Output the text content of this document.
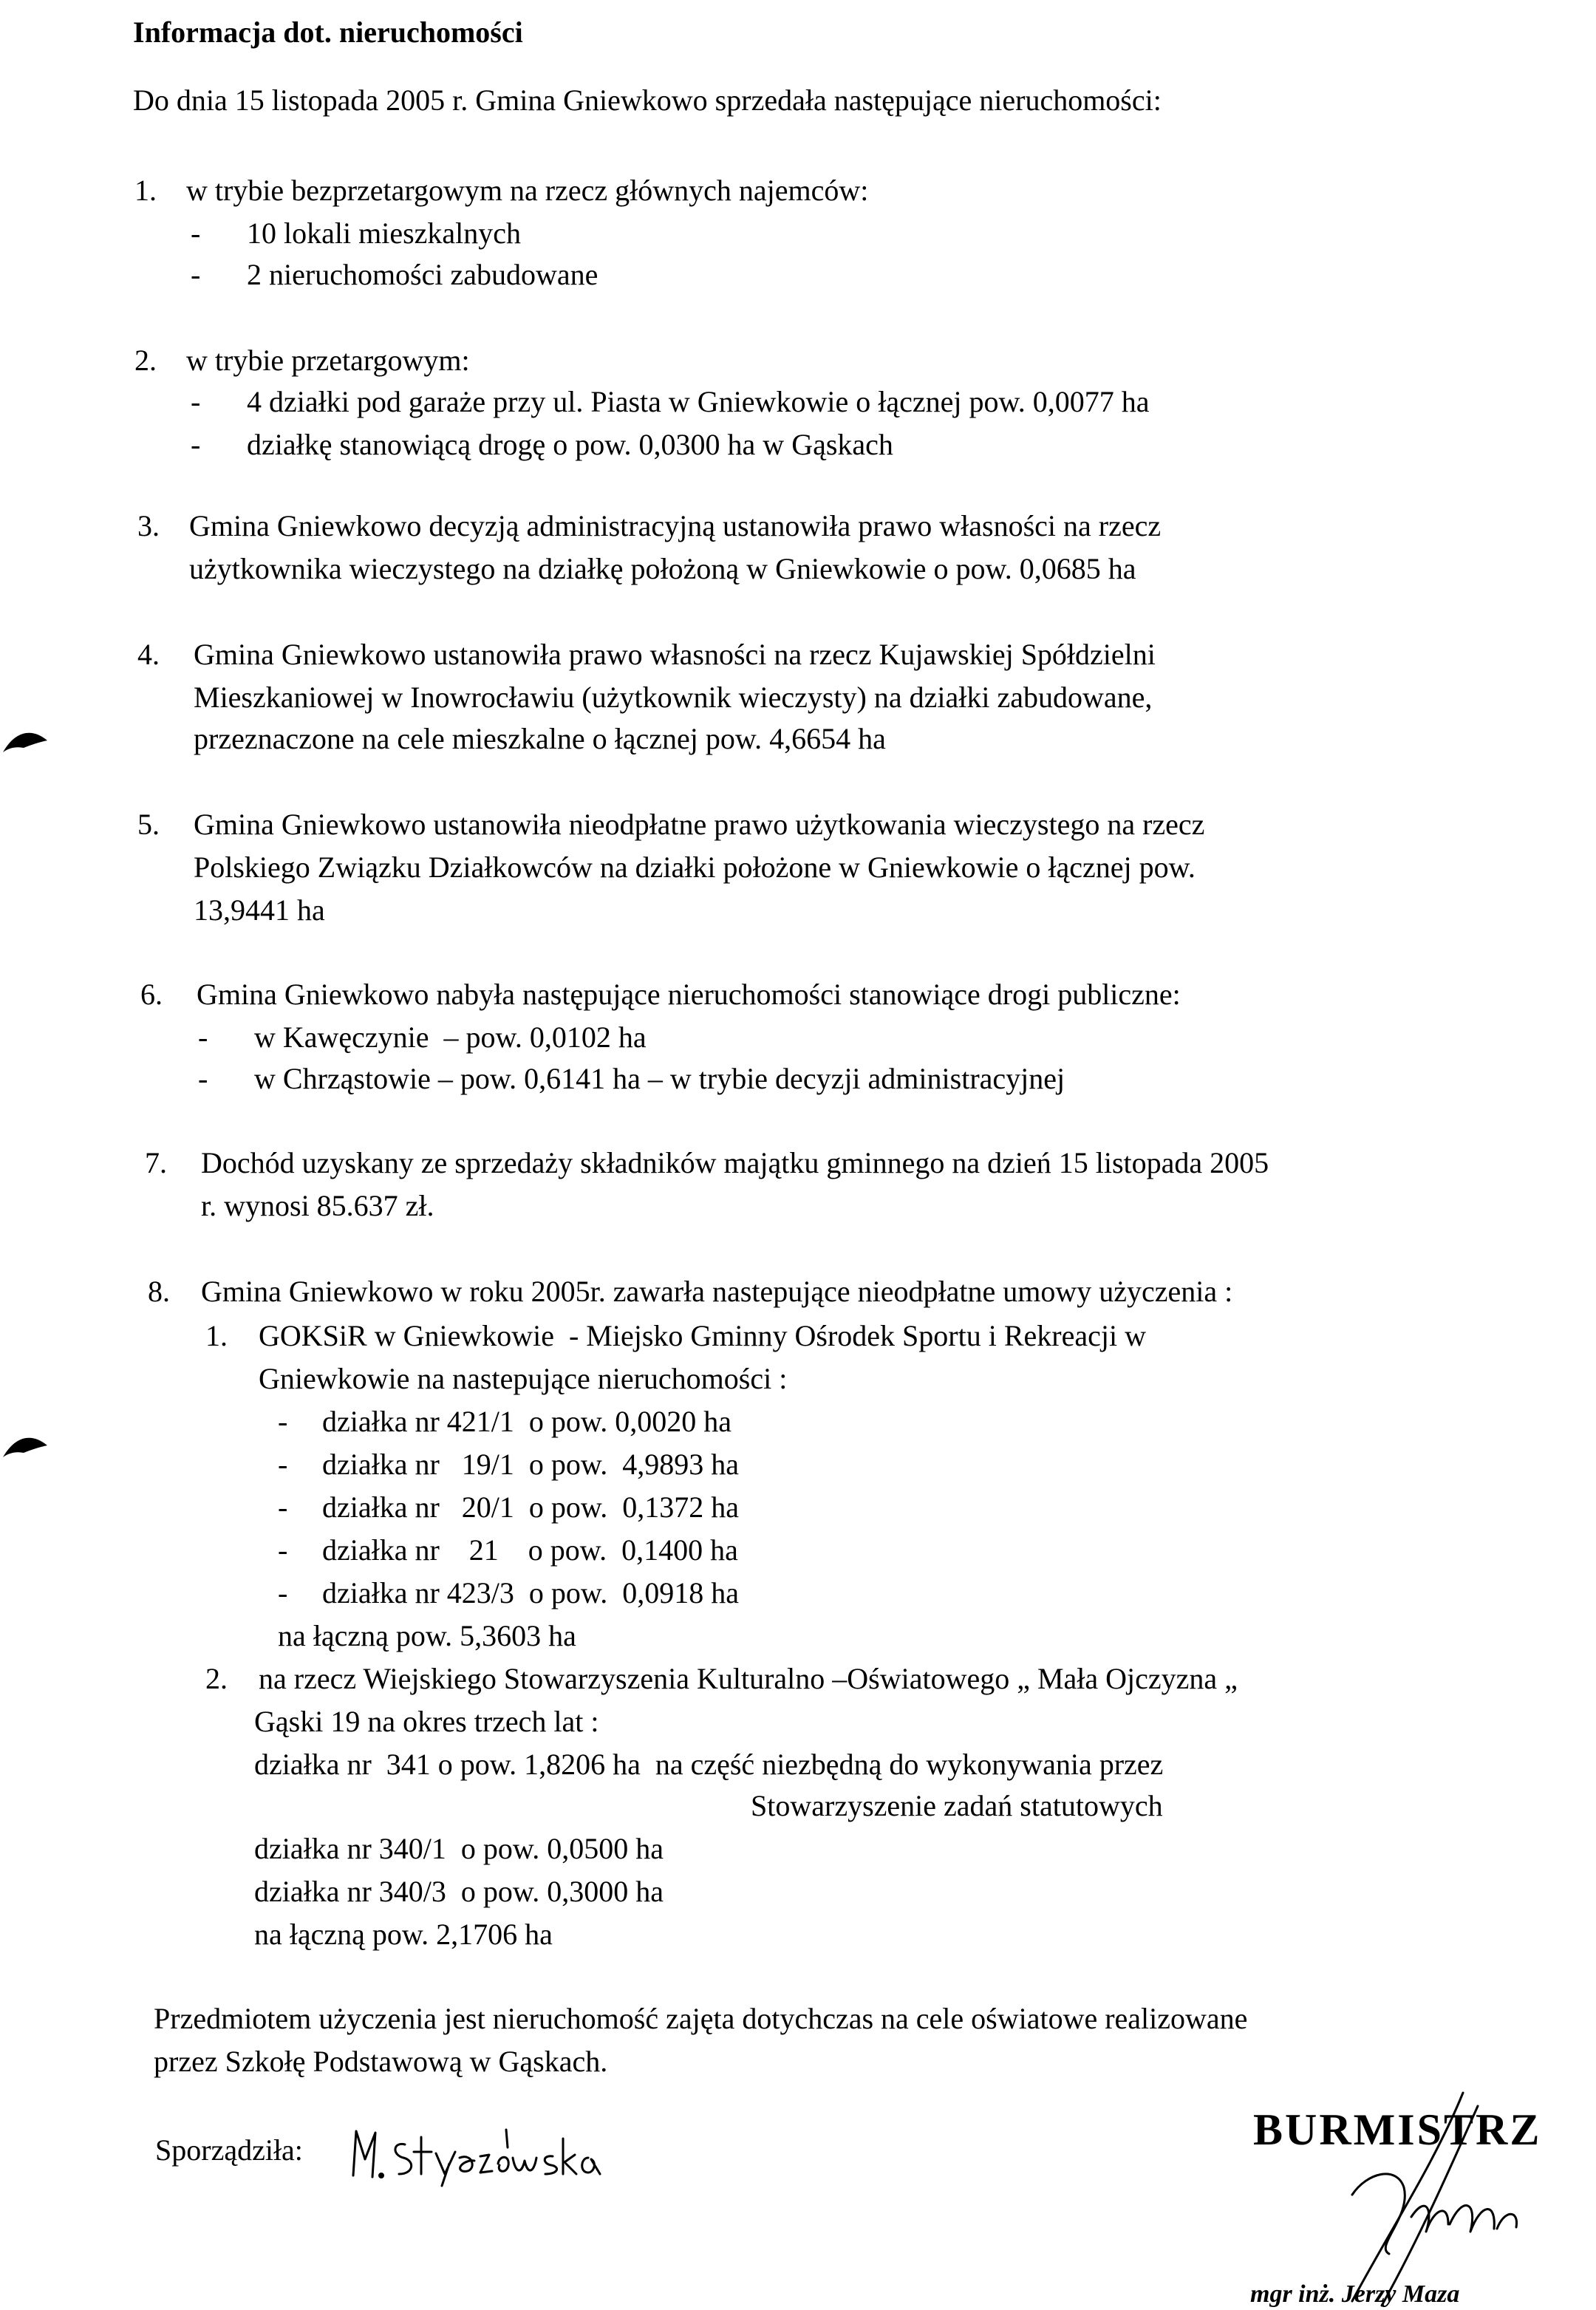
Informacja dot. nieruchomości
Do dnia 15 listopada 2005 r. Gmina Gniewkowo sprzedała następujące nieruchomości:
1. w trybie bezprzetargowym na rzecz głównych najemców:
- 10 lokali mieszkalnych
- 2 nieruchomości zabudowane
2. w trybie przetargowym:
- 4 działki pod garaże przy ul. Piasta w Gniewkowie o łącznej pow. 0,0077 ha
- działkę stanowiącą drogę o pow. 0,0300 ha w Gąskach
3. Gmina Gniewkowo decyzją administracyjną ustanowiła prawo własności na rzecz
użytkownika wieczystego na działkę położoną w Gniewkowie o pow. 0,0685 ha
4. Gmina Gniewkowo ustanowiła prawo własności na rzecz Kujawskiej Spółdzielni
Mieszkaniowej w Inowrocławiu (użytkownik wieczysty) na działki zabudowane,
przeznaczone na cele mieszkalne o łącznej pow. 4,6654 ha
5. Gmina Gniewkowo ustanowiła nieodpłatne prawo użytkowania wieczystego na rzecz
Polskiego Związku Działkowców na działki położone w Gniewkowie o łącznej pow.
13,9441 ha
6. Gmina Gniewkowo nabyła następujące nieruchomości stanowiące drogi publiczne:
- w Kawęczynie  – pow. 0,0102 ha
- w Chrząstowie – pow. 0,6141 ha – w trybie decyzji administracyjnej
7. Dochód uzyskany ze sprzedaży składników majątku gminnego na dzień 15 listopada 2005
r. wynosi 85.637 zł.
8. Gmina Gniewkowo w roku 2005r. zawarła nastepujące nieodpłatne umowy użyczenia :
1. GOKSiR w Gniewkowie  - Miejsko Gminny Ośrodek Sportu i Rekreacji w
Gniewkowie na nastepujące nieruchomości :
- działka nr 421/1  o pow. 0,0020 ha
- działka nr   19/1  o pow.  4,9893 ha
- działka nr   20/1  o pow.  0,1372 ha
- działka nr    21    o pow.  0,1400 ha
- działka nr 423/3  o pow.  0,0918 ha
na łączną pow. 5,3603 ha
2. na rzecz Wiejskiego Stowarzyszenia Kulturalno –Oświatowego „ Mała Ojczyzna „
Gąski 19 na okres trzech lat :
działka nr  341 o pow. 1,8206 ha  na część niezbędną do wykonywania przez
Stowarzyszenie zadań statutowych
działka nr 340/1  o pow. 0,0500 ha
działka nr 340/3  o pow. 0,3000 ha
na łączną pow. 2,1706 ha
Przedmiotem użyczenia jest nieruchomość zajęta dotychczas na cele oświatowe realizowane
przez Szkołę Podstawową w Gąskach.
Sporządziła:	BURMISTRZ
mgr inż. Jerzy Maza
